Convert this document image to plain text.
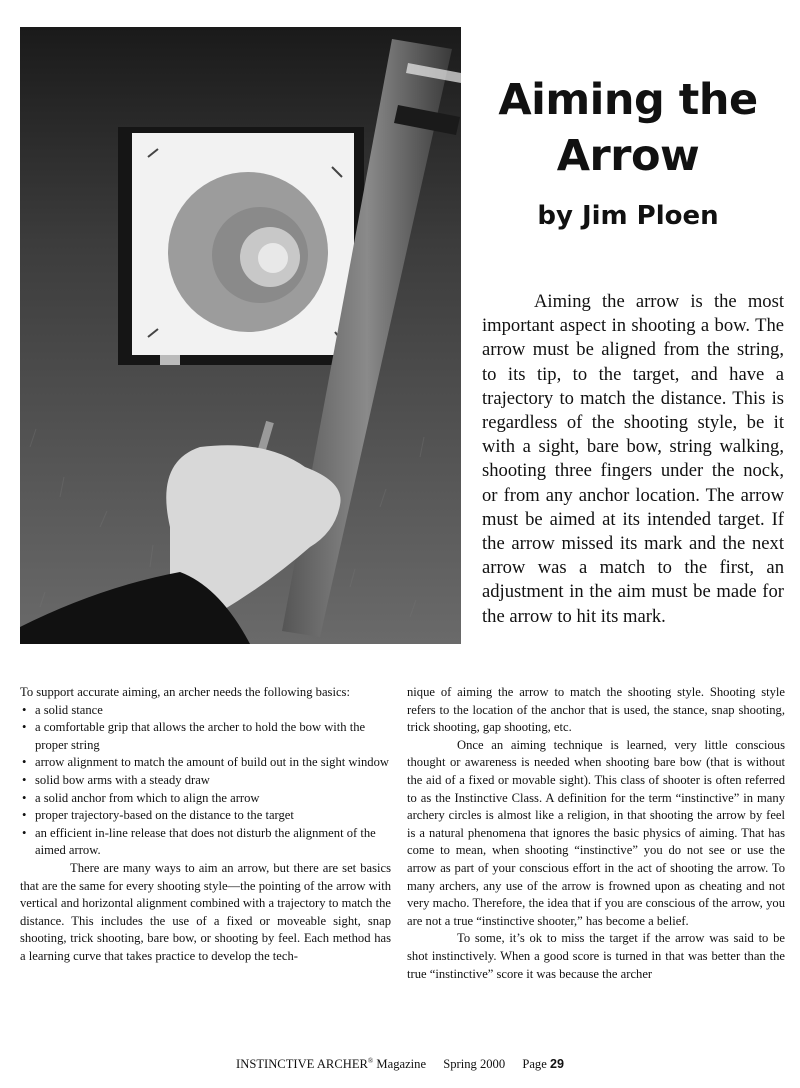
Aiming the
Arrow
by Jim Ploen

Aiming the arrow is the most important aspect in shooting a bow. The arrow must be aligned from the string, to its tip, to the target, and have a trajectory to match the distance. This is regardless of the shooting style, be it with a sight, bare bow, string walking, shooting three fingers under the nock, or from any anchor location. The arrow must be aimed at its intended target. If the arrow missed its mark and the next arrow was a match to the first, an adjustment in the aim must be made for the arrow to hit its mark.

To support accurate aiming, an archer needs the following basics:

• a solid stance
• a comfortable grip that allows the archer to hold the bow with the proper string
• arrow alignment to match the amount of build out in the sight window
• solid bow arms with a steady draw
• a solid anchor from which to align the arrow
• proper trajectory-based on the distance to the target
• an efficient in-line release that does not disturb the alignment of the aimed arrow.

There are many ways to aim an arrow, but there are set basics that are the same for every shooting style—the pointing of the arrow with vertical and horizontal alignment combined with a trajectory to match the distance. This includes the use of a fixed or moveable sight, snap shooting, trick shooting, bare bow, or shooting by feel. Each method has a learning curve that takes practice to develop the tech-

nique of aiming the arrow to match the shooting style. Shooting style refers to the location of the anchor that is used, the stance, snap shooting, trick shooting, gap shooting, etc.

Once an aiming technique is learned, very little conscious thought or awareness is needed when shooting bare bow (that is without the aid of a fixed or movable sight). This class of shooter is often referred to as the Instinctive Class. A definition for the term “instinctive” in many archery circles is almost like a religion, in that shooting the arrow by feel is a natural phenomena that ignores the basic physics of aiming. That has come to mean, when shooting “instinctive” you do not see or use the arrow as part of your conscious effort in the act of shooting the arrow. To many archers, any use of the arrow is frowned upon as cheating and not very macho. Therefore, the idea that if you are conscious of the arrow, you are not a true “instinctive shooter,” has become a belief.

To some, it’s ok to miss the target if the arrow was said to be shot instinctively. When a good score is turned in that was better than the true “instinctive” score it was because the archer

INSTINCTIVE ARCHER® Magazine Spring 2000 Page 29
